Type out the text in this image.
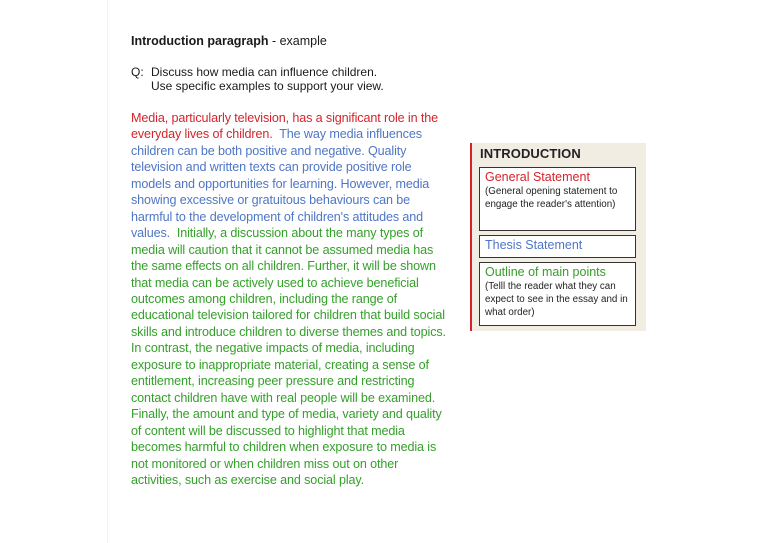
Introduction paragraph - example
Q: Discuss how media can influence children.
Use specific examples to support your view.
Media, particularly television, has a significant role in the everyday lives of children. The way media influences children can be both positive and negative. Quality television and written texts can provide positive role models and opportunities for learning. However, media showing excessive or gratuitous behaviours can be harmful to the development of children's attitudes and values. Initially, a discussion about the many types of media will caution that it cannot be assumed media has the same effects on all children. Further, it will be shown that media can be actively used to achieve beneficial outcomes among children, including the range of educational television tailored for children that build social skills and introduce children to diverse themes and topics. In contrast, the negative impacts of media, including exposure to inappropriate material, creating a sense of entitlement, increasing peer pressure and restricting contact children have with real people will be examined. Finally, the amount and type of media, variety and quality of content will be discussed to highlight that media becomes harmful to children when exposure to media is not monitored or when children miss out on other activities, such as exercise and social play.
INTRODUCTION
General Statement
(General opening statement to engage the reader's attention)
Thesis Statement
Outline of main points
(Telll the reader what they can expect to see in the essay and in what order)
